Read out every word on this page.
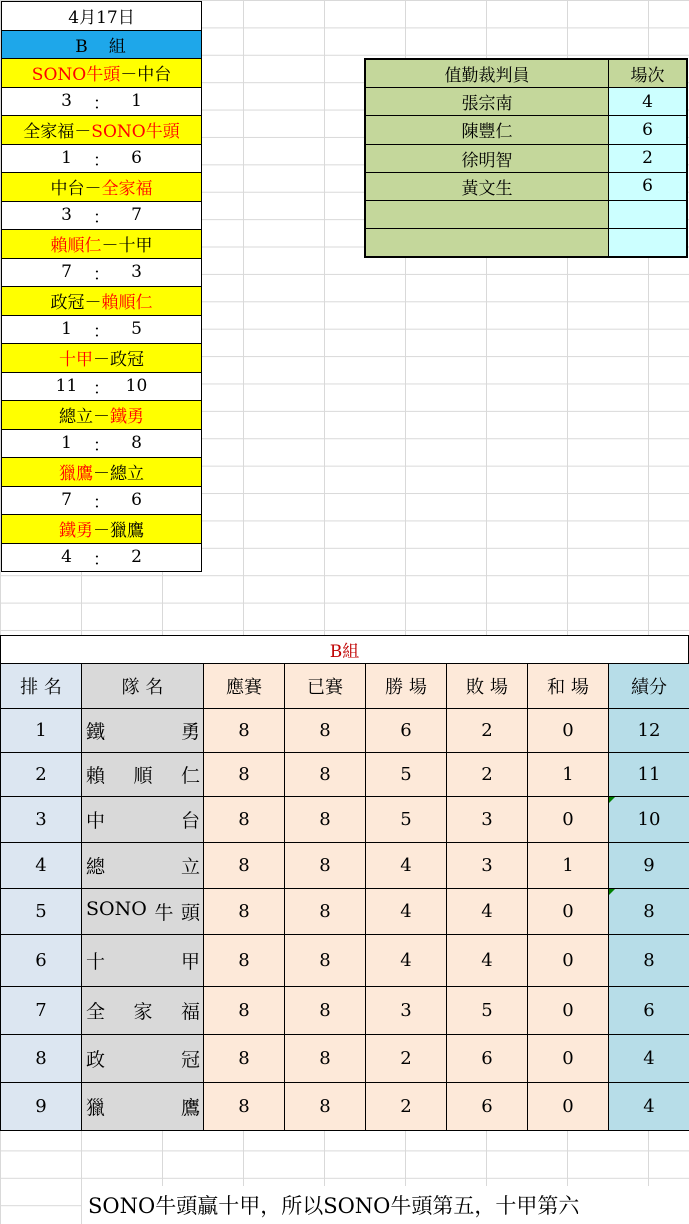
4月17日
B　組
SONO牛頭 － 中台
3	：	1
全家福 － SONO牛頭
1	：	6
中台 － 全家福
3	：	7
賴順仁 － 十甲
7	：	3
政冠 － 賴順仁
1	：	5
十甲 － 政冠
11 ： 10
總立 － 鐵勇
1	：	8
獵鷹 － 總立
7	：	6
鐵勇 － 獵鷹
4	：	2
值勤裁判員	場次
張宗南	4
陳豐仁	6
徐明智	2
黃文生	6
B組
排 名	隊 名	應賽	已賽	勝 場	敗 場	和 場	績分
1	鐵 勇	8	8	6	2	0	12
2	賴 順 仁	8	8	5	2	1	11
3	中 台	8	8	5	3	0	10

4	總 立	8	8	4	3	1	9
5	SONO 牛 頭	8	8	4	4	0	8

6	十 甲	8	8	4	4	0	8
7	全 家 福	8	8	3	5	0	6
8	政 冠	8	8	2	6	0	4
9	獵 鷹	8	8	2	6	0	4
SONO牛頭贏十甲，所以SONO牛頭第五，十甲第六
